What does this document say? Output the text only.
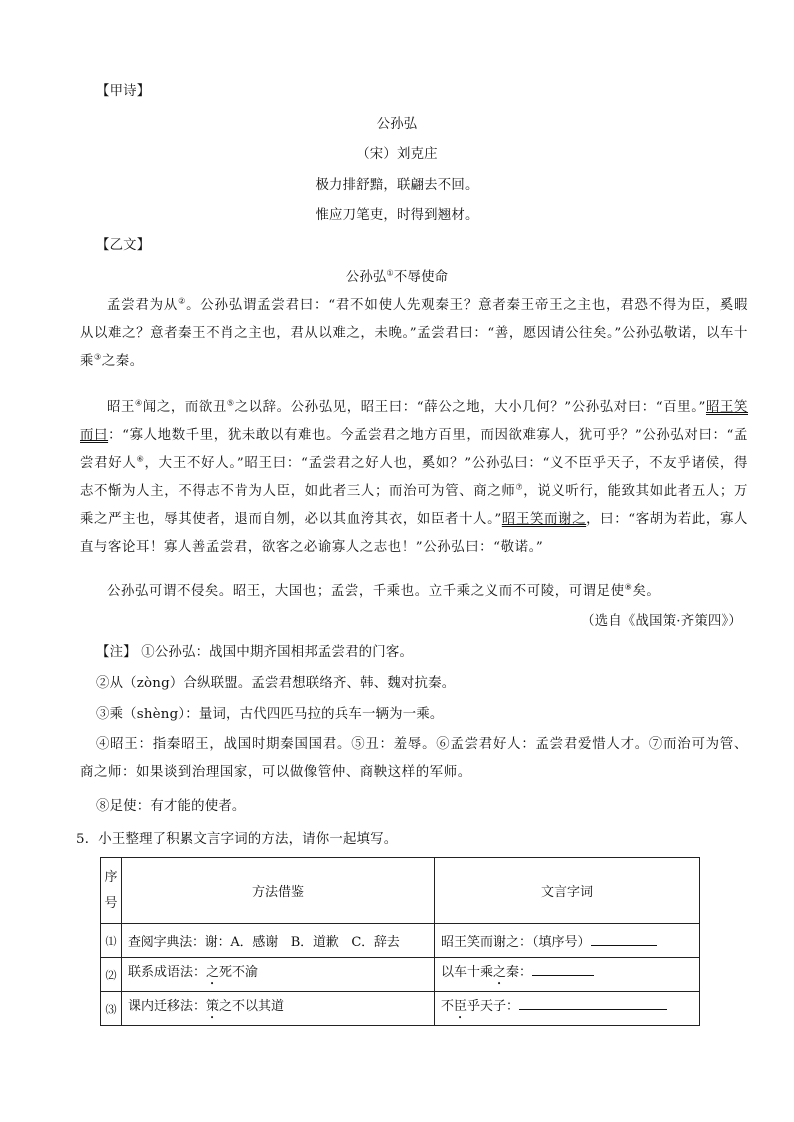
【甲诗】
公孙弘
（宋）刘克庄
极力排舒黯，联翩去不回。
惟应刀笔吏，时得到翘材。
【乙文】
公孙弘①不辱使命
孟尝君为从②。公孙弘谓孟尝君曰：“君不如使人先观秦王？意者秦王帝王之主也，君恐不得为臣，奚暇从以难之？意者秦王不肖之主也，君从以难之，未晚。”孟尝君曰：“善，愿因请公往矣。”公孙弘敬诺，以车十乘③之秦。
昭王④闻之，而欲丑⑤之以辞。公孙弘见，昭王曰：“薛公之地，大小几何？”公孙弘对曰：“百里。”昭王笑而曰：“寡人地数千里，犹未敢以有难也。今孟尝君之地方百里，而因欲难寡人，犹可乎？”公孙弘对曰：“孟尝君好人⑥，大王不好人。”昭王曰：“孟尝君之好人也，奚如？”公孙弘曰：“义不臣乎天子，不友乎诸侯，得志不惭为人主，不得志不肯为人臣，如此者三人；而治可为管、商之师⑦，说义听行，能致其如此者五人；万乘之严主也，辱其使者，退而自刎，必以其血洿其衣，如臣者十人。”昭王笑而谢之，曰：“客胡为若此，寡人直与客论耳！寡人善孟尝君，欲客之必谕寡人之志也！”公孙弘曰：“敬诺。”
公孙弘可谓不侵矣。昭王，大国也；孟尝，千乘也。立千乘之义而不可陵，可谓足使⑧矣。
（选自《战国策·齐策四》）
【注】 ①公孙弘：战国中期齐国相邦孟尝君的门客。
②从（zòng）合纵联盟。孟尝君想联络齐、韩、魏对抗秦。
③乘（shèng）：量词，古代四匹马拉的兵车一辆为一乘。
④昭王：指秦昭王，战国时期秦国国君。⑤丑：羞辱。⑥孟尝君好人：孟尝君爱惜人才。⑦而治可为管、商之师：如果谈到治理国家，可以做像管仲、商鞅这样的军师。
⑧足使：有才能的使者。
5．小王整理了积累文言字词的方法，请你一起填写。
序号	方法借鉴	文言字词
⑴	查阅字典法：谢：A．感谢　B．道歉　C．辞去	昭王笑而谢之：（填序号）
⑵	联系成语法：之死不渝	以车十乘之秦：
⑶	课内迁移法：策之不以其道	不臣乎天子：
